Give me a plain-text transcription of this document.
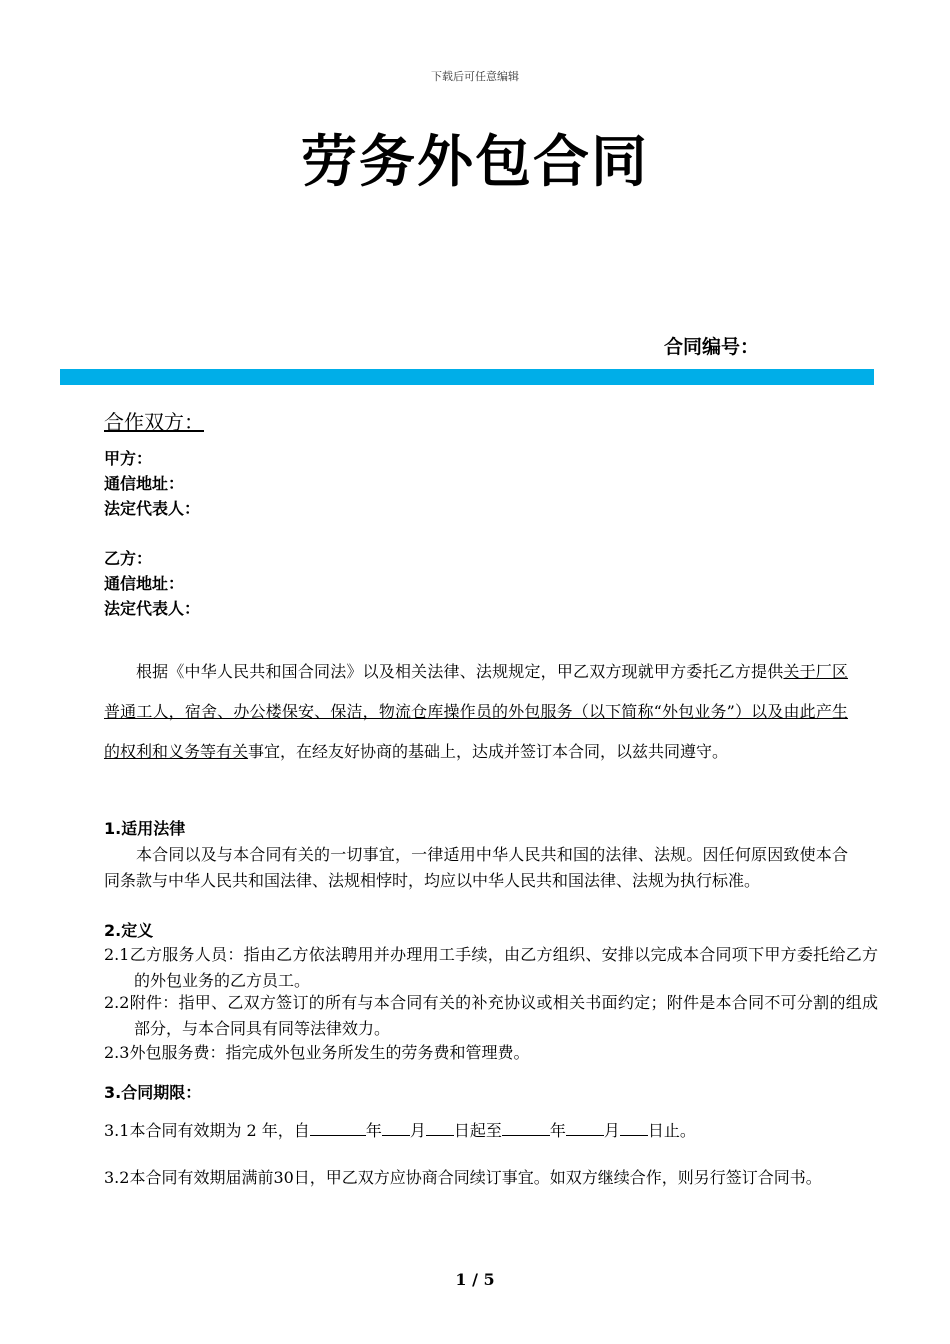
下载后可任意编辑
劳务外包合同
合同编号：
合作双方：
甲方：
通信地址：
法定代表人：
乙方：
通信地址：
法定代表人：
根据《中华人民共和国合同法》以及相关法律、法规规定，甲乙双方现就甲方委托乙方提供关于厂区普通工人，宿舍、办公楼保安、保洁，物流仓库操作员的外包服务（以下简称“外包业务”）以及由此产生的权利和义务等有关事宜，在经友好协商的基础上，达成并签订本合同，以兹共同遵守。
1.适用法律
本合同以及与本合同有关的一切事宜，一律适用中华人民共和国的法律、法规。因任何原因致使本合同条款与中华人民共和国法律、法规相悖时，均应以中华人民共和国法律、法规为执行标准。
2.定义
2.1乙方服务人员：指由乙方依法聘用并办理用工手续，由乙方组织、安排以完成本合同项下甲方委托给乙方的外包业务的乙方员工。
2.2附件：指甲、乙双方签订的所有与本合同有关的补充协议或相关书面约定；附件是本合同不可分割的组成部分，与本合同具有同等法律效力。
2.3外包服务费：指完成外包业务所发生的劳务费和管理费。
3.合同期限：
3.1本合同有效期为 2 年，自	年 月 日起至	年 月 日止。
3.2本合同有效期届满前30日，甲乙双方应协商合同续订事宜。如双方继续合作，则另行签订合同书。
1 / 5
